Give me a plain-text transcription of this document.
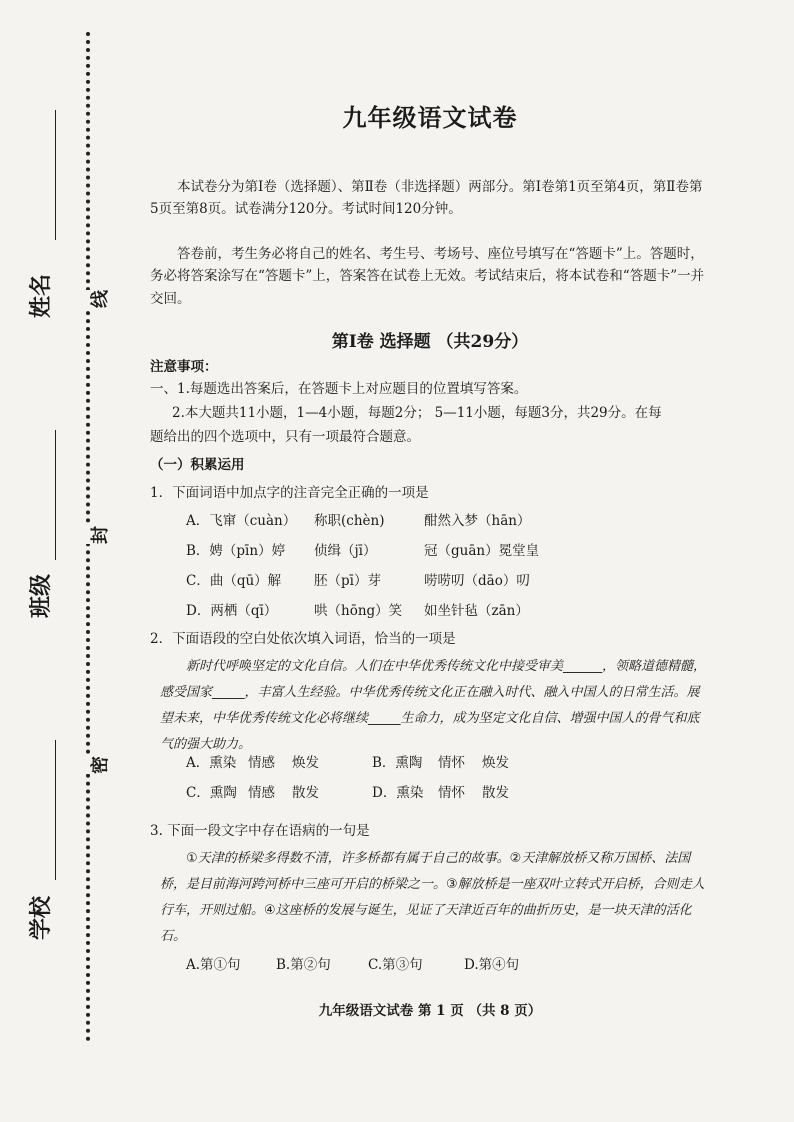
姓名
班级
学校
线
封
密
九年级语文试卷
本试卷分为第Ⅰ卷（选择题）、第Ⅱ卷（非选择题）两部分。第Ⅰ卷第1页至第4页，第Ⅱ卷第5页至第8页。试卷满分120分。考试时间120分钟。
答卷前，考生务必将自己的姓名、考生号、考场号、座位号填写在“答题卡”上。答题时，务必将答案涂写在“答题卡”上，答案答在试卷上无效。考试结束后，将本试卷和“答题卡”一并交回。
第Ⅰ卷 选择题 （共29分）
注意事项：
一、1.每题选出答案后，在答题卡上对应题目的位置填写答案。
2.本大题共11小题，1—4小题，每题2分； 5—11小题，每题3分，共29分。在每
题给出的四个选项中，只有一项最符合题意。
（一）积累运用
1．下面词语中加点字的注音完全正确的一项是
A．飞窜（cuàn） 称职(chèn)	酣然入梦（hān）
B．娉（pīn）婷 侦缉（jī）	冠（guān）冕堂皇
C．曲（qū）解 胚（pī）芽	唠唠叨（dāo）叨
D．两栖（qī）	哄（hōng）笑 如坐针毡（zān）
2．下面语段的空白处依次填入词语，恰当的一项是
新时代呼唤坚定的文化自信。人们在中华优秀传统文化中接受审美______，领略道德精髓，感受国家_____，丰富人生经验。中华优秀传统文化正在融入时代、融入中国人的日常生活。展望未来，中华优秀传统文化必将继续_____生命力，成为坚定文化自信、增强中国人的骨气和底气的强大助力。
A．熏染 情感 焕发	B．熏陶 情怀 焕发
C．熏陶 情感 散发	D．熏染 情怀 散发
3. 下面一段文字中存在语病的一句是
①天津的桥梁多得数不清，许多桥都有属于自己的故事。②天津解放桥又称万国桥、法国桥，是目前海河跨河桥中三座可开启的桥梁之一。③解放桥是一座双叶立转式开启桥，合则走人行车，开则过船。④这座桥的发展与诞生，见证了天津近百年的曲折历史，是一块天津的活化石。
A.第①句	B.第②句	C.第③句	D.第④句
九年级语文试卷 第 1 页 （共 8 页）
